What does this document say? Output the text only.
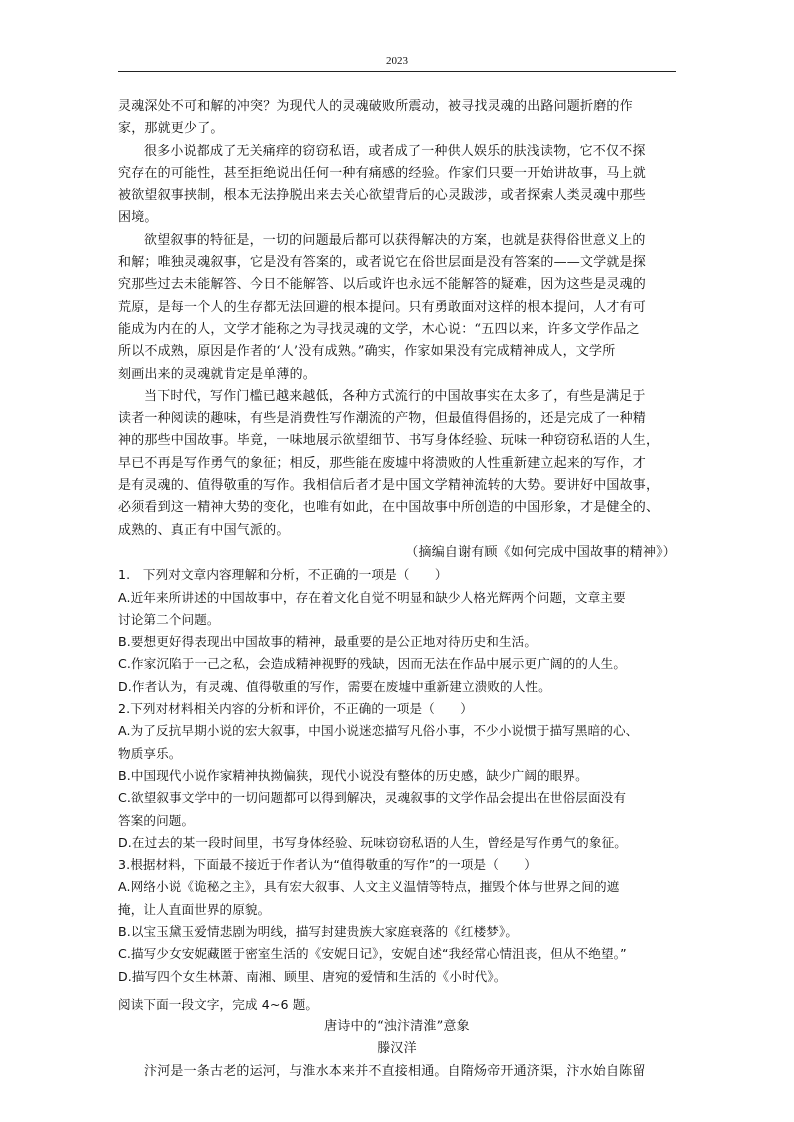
2023
灵魂深处不可和解的冲突？为现代人的灵魂破败所震动，被寻找灵魂的出路问题折磨的作
家，那就更少了。
很多小说都成了无关痛痒的窃窃私语，或者成了一种供人娱乐的肤浅读物，它不仅不探
究存在的可能性，甚至拒绝说出任何一种有痛感的经验。作家们只要一开始讲故事，马上就
被欲望叙事挟制，根本无法挣脱出来去关心欲望背后的心灵跋涉，或者探索人类灵魂中那些
困境。
欲望叙事的特征是，一切的问题最后都可以获得解决的方案，也就是获得俗世意义上的
和解；唯独灵魂叙事，它是没有答案的，或者说它在俗世层面是没有答案的——文学就是探
究那些过去未能解答、今日不能解答、以后或许也永远不能解答的疑难，因为这些是灵魂的
荒原，是每一个人的生存都无法回避的根本提问。只有勇敢面对这样的根本提问，人才有可
能成为内在的人，文学才能称之为寻找灵魂的文学，木心说：“五四以来，许多文学作品之
所以不成熟，原因是作者的‘人’没有成熟。”确实，作家如果没有完成精神成人，文学所
刻画出来的灵魂就肯定是单薄的。
当下时代，写作门槛已越来越低，各种方式流行的中国故事实在太多了，有些是满足于
读者一种阅读的趣味，有些是消费性写作潮流的产物，但最值得倡扬的，还是完成了一种精
神的那些中国故事。毕竟，一味地展示欲望细节、书写身体经验、玩味一种窃窃私语的人生，
早已不再是写作勇气的象征；相反，那些能在废墟中将溃败的人性重新建立起来的写作，才
是有灵魂的、值得敬重的写作。我相信后者才是中国文学精神流转的大势。要讲好中国故事，
必须看到这一精神大势的变化，也唯有如此，在中国故事中所创造的中国形象，才是健全的、
成熟的、真正有中国气派的。
（摘编自谢有顾《如何完成中国故事的精神》）
1.　下列对文章内容理解和分析，不正确的一项是（　　）
A.近年来所讲述的中国故事中，存在着文化自觉不明显和缺少人格光辉两个问题，文章主要
讨论第二个问题。
B.要想更好得表现出中国故事的精神，最重要的是公正地对待历史和生活。
C.作家沉陷于一己之私，会造成精神视野的残缺，因而无法在作品中展示更广阔的的人生。
D.作者认为，有灵魂、值得敬重的写作，需要在废墟中重新建立溃败的人性。
2.下列对材料相关内容的分析和评价，不正确的一项是（　　）
A.为了反抗早期小说的宏大叙事，中国小说迷恋描写凡俗小事，不少小说惯于描写黑暗的心、
物质享乐。
B.中国现代小说作家精神执拗偏狭，现代小说没有整体的历史感，缺少广阔的眼界。
C.欲望叙事文学中的一切问题都可以得到解决，灵魂叙事的文学作品会提出在世俗层面没有
答案的问题。
D.在过去的某一段时间里，书写身体经验、玩味窃窃私语的人生，曾经是写作勇气的象征。
3.根据材料，下面最不接近于作者认为“值得敬重的写作”的一项是（　　）
A.网络小说《诡秘之主》，具有宏大叙事、人文主义温情等特点，摧毁个体与世界之间的遮
掩，让人直面世界的原貌。
B.以宝玉黛玉爱情悲剧为明线，描写封建贵族大家庭衰落的《红楼梦》。
C.描写少女安妮藏匿于密室生活的《安妮日记》，安妮自述“我经常心情沮丧，但从不绝望。”
D.描写四个女生林萧、南湘、顾里、唐宛的爱情和生活的《小时代》。
阅读下面一段文字，完成 4~6 题。
唐诗中的“浊汴清淮”意象
滕汉洋
汴河是一条古老的运河，与淮水本来并不直接相通。自隋炀帝开通济渠，汴水始自陈留
